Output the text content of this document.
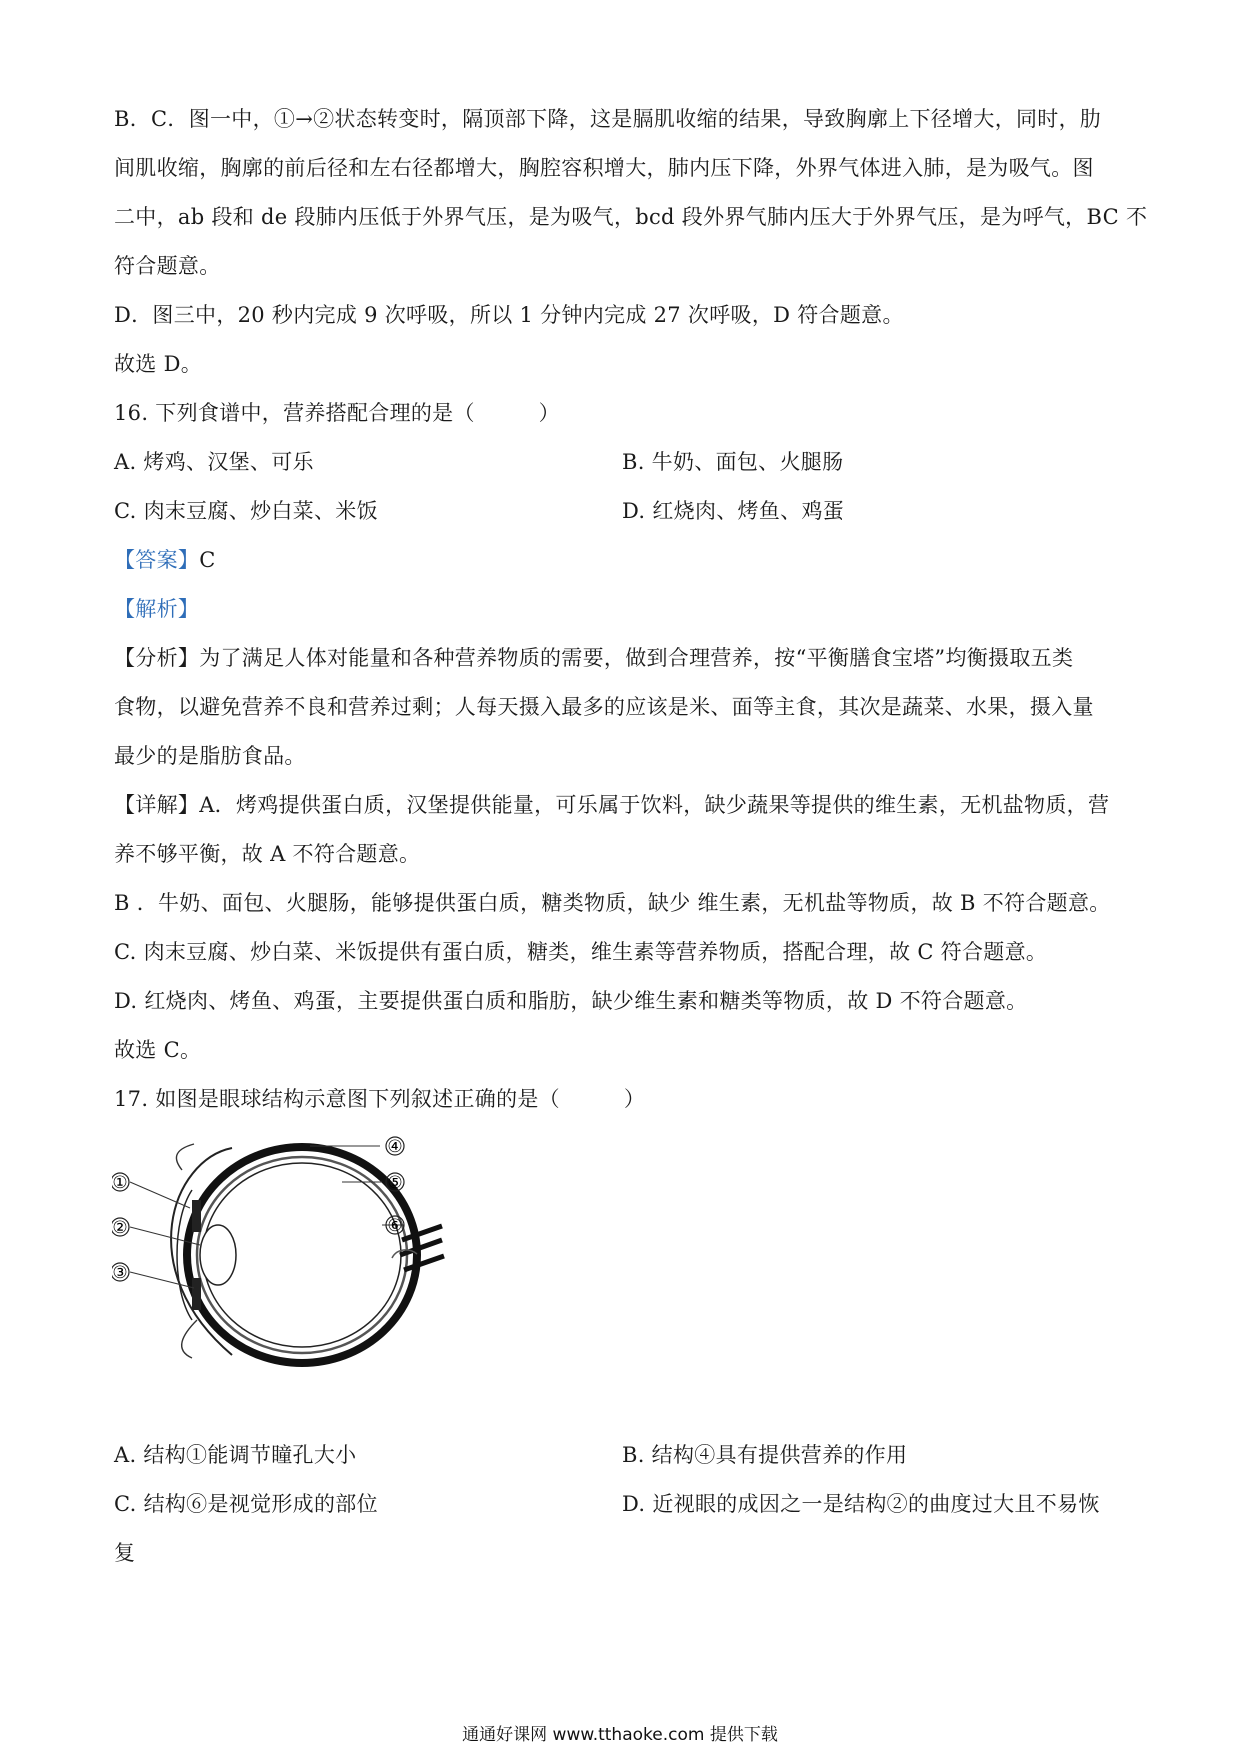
B．C．图一中，①→②状态转变时，隔顶部下降，这是膈肌收缩的结果，导致胸廓上下径增大，同时，肋
间肌收缩，胸廓的前后径和左右径都增大，胸腔容积增大，肺内压下降，外界气体进入肺，是为吸气。图
二中，ab 段和 de 段肺内压低于外界气压，是为吸气，bcd 段外界气肺内压大于外界气压，是为呼气，BC 不
符合题意。
D．图三中，20 秒内完成 9 次呼吸，所以 1 分钟内完成 27 次呼吸，D 符合题意。
故选 D。
16. 下列食谱中，营养搭配合理的是（　　　）
A. 烤鸡、汉堡、可乐	B. 牛奶、面包、火腿肠
C. 肉末豆腐、炒白菜、米饭	D. 红烧肉、烤鱼、鸡蛋
【答案】C
【解析】
【分析】为了满足人体对能量和各种营养物质的需要，做到合理营养，按“平衡膳食宝塔”均衡摄取五类
食物，以避免营养不良和营养过剩；人每天摄入最多的应该是米、面等主食，其次是蔬菜、水果，摄入量
最少的是脂肪食品。
【详解】A．烤鸡提供蛋白质，汉堡提供能量，可乐属于饮料，缺少蔬果等提供的维生素，无机盐物质，营
养不够平衡，故 A 不符合题意。
B ．牛奶、面包、火腿肠，能够提供蛋白质，糖类物质，缺少 维生素，无机盐等物质，故 B 不符合题意。
C. 肉末豆腐、炒白菜、米饭提供有蛋白质，糖类，维生素等营养物质，搭配合理，故 C 符合题意。
D. 红烧肉、烤鱼、鸡蛋，主要提供蛋白质和脂肪，缺少维生素和糖类等物质，故 D 不符合题意。
故选 C。
17. 如图是眼球结构示意图下列叙述正确的是（　　　）
①
②
③
④
⑤
⑥
A. 结构①能调节瞳孔大小	B. 结构④具有提供营养的作用
C. 结构⑥是视觉形成的部位	D. 近视眼的成因之一是结构②的曲度过大且不易恢
复
通通好课网 www.tthaoke.com 提供下载
